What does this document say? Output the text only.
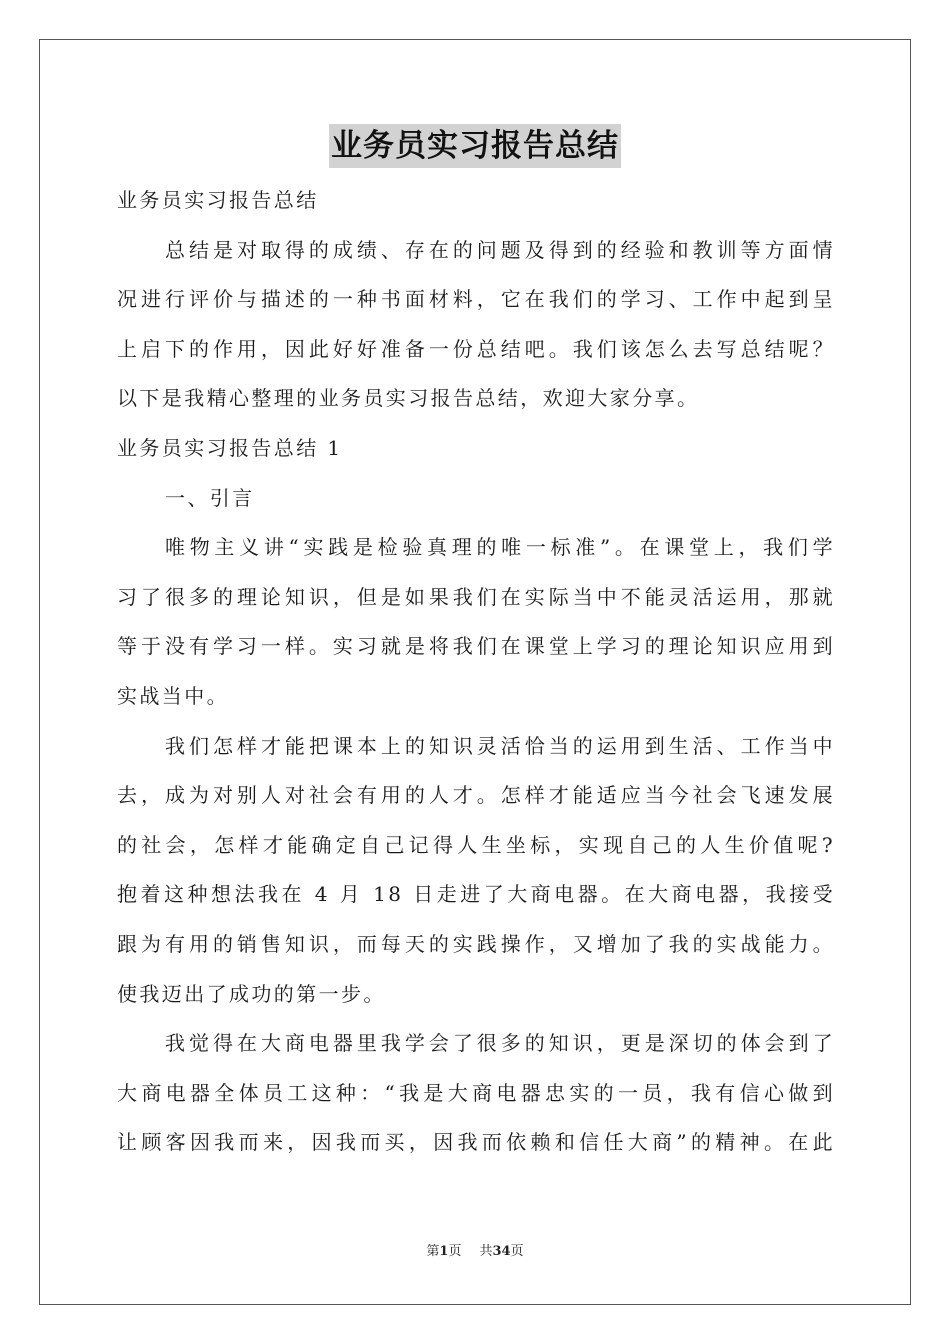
业务员实习报告总结
业务员实习报告总结
总结是对取得的成绩、存在的问题及得到的经验和教训等方面情
况进行评价与描述的一种书面材料，它在我们的学习、工作中起到呈
上启下的作用，因此好好准备一份总结吧。我们该怎么去写总结呢？
以下是我精心整理的业务员实习报告总结，欢迎大家分享。
业务员实习报告总结 1
一、引言
唯物主义讲“实践是检验真理的唯一标准”。在课堂上，我们学
习了很多的理论知识，但是如果我们在实际当中不能灵活运用，那就
等于没有学习一样。实习就是将我们在课堂上学习的理论知识应用到
实战当中。
我们怎样才能把课本上的知识灵活恰当的运用到生活、工作当中
去，成为对别人对社会有用的人才。怎样才能适应当今社会飞速发展
的社会，怎样才能确定自己记得人生坐标，实现自己的人生价值呢?
抱着这种想法我在 4 月 18 日走进了大商电器。在大商电器，我接受
跟为有用的销售知识，而每天的实践操作，又增加了我的实战能力。
使我迈出了成功的第一步。
我觉得在大商电器里我学会了很多的知识，更是深切的体会到了
大商电器全体员工这种：“我是大商电器忠实的一员，我有信心做到
让顾客因我而来，因我而买，因我而依赖和信任大商”的精神。在此
第1页 共34页
